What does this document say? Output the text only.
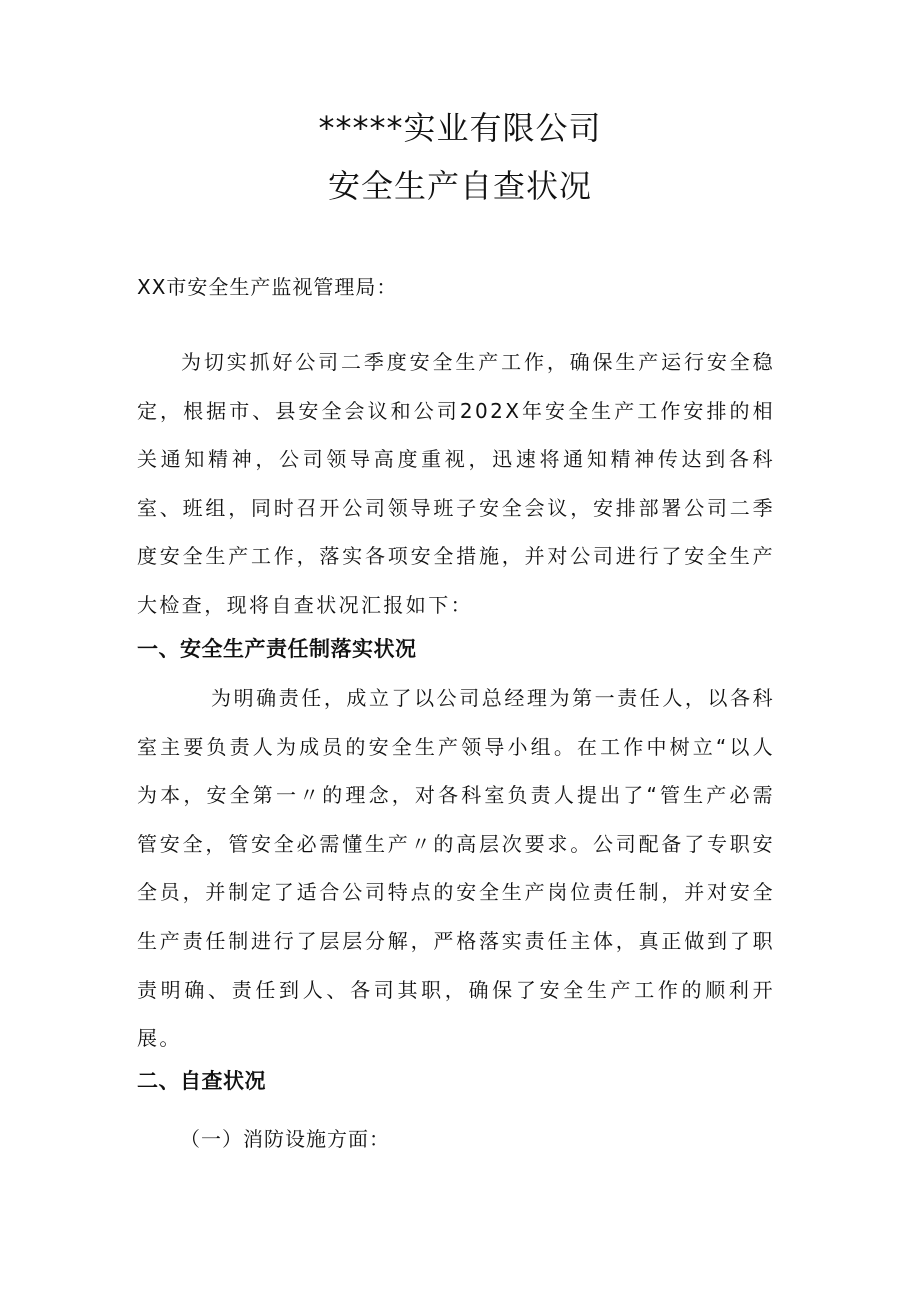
*****实业有限公司
安全生产自查状况

XX市安全生产监视管理局：

为切实抓好公司二季度安全生产工作，确保生产运行安全稳定，根据市、县安全会议和公司202X年安全生产工作安排的相关通知精神，公司领导高度重视，迅速将通知精神传达到各科室、班组，同时召开公司领导班子安全会议，安排部署公司二季度安全生产工作，落实各项安全措施，并对公司进行了安全生产大检查，现将自查状况汇报如下：

一、安全生产责任制落实状况

为明确责任，成立了以公司总经理为第一责任人，以各科室主要负责人为成员的安全生产领导小组。在工作中树立“以人为本，安全第一〃的理念，对各科室负责人提出了“管生产必需管安全，管安全必需懂生产〃的高层次要求。公司配备了专职安全员，并制定了适合公司特点的安全生产岗位责任制，并对安全生产责任制进行了层层分解，严格落实责任主体，真正做到了职责明确、责任到人、各司其职，确保了安全生产工作的顺利开展。

二、自查状况

（一）消防设施方面：
